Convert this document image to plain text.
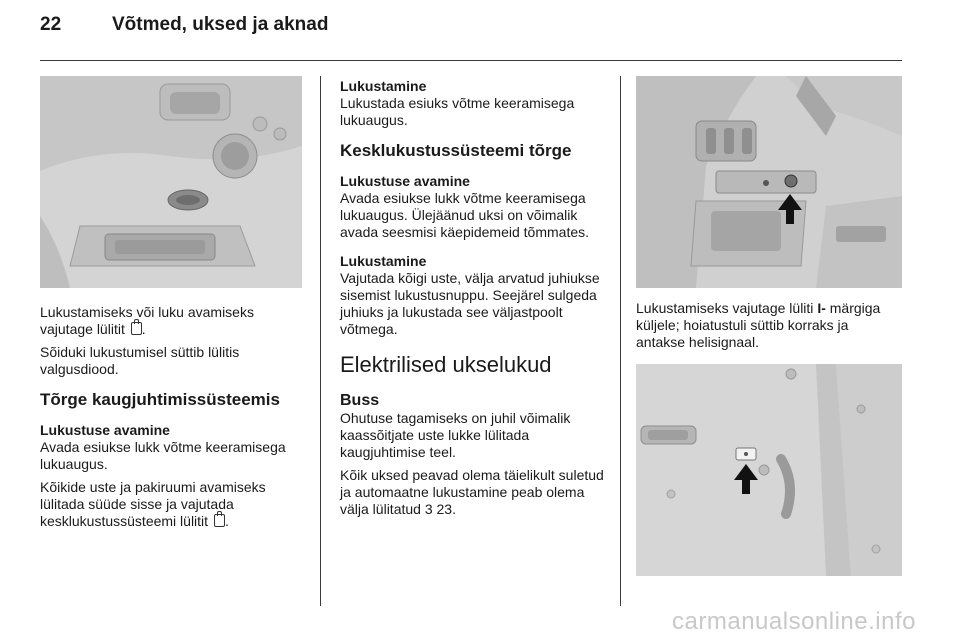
22	Võtmed, uksed ja aknad

Lukustamiseks või luku avamiseks vajutage lülitit .

Sõiduki lukustumisel süttib lülitis valgusdiood.

Tõrge kaugjuhtimissüsteemis

Lukustuse avamine

Avada esiukse lukk võtme keeramisega lukuaugus.

Kõikide uste ja pakiruumi avamiseks lülitada süüde sisse ja vajutada kesklukustussüsteemi lülitit .

Lukustamine

Lukustada esiuks võtme keeramisega lukuaugus.

Kesklukustussüsteemi tõrge

Lukustuse avamine

Avada esiukse lukk võtme keeramisega lukuaugus. Ülejäänud uksi on võimalik avada seesmisi käepidemeid tõmmates.

Lukustamine

Vajutada kõigi uste, välja arvatud juhiukse sisemist lukustusnuppu. Seejärel sulgeda juhiuks ja lukustada see väljastpoolt võtmega.

Elektrilised ukselukud
Buss

Ohutuse tagamiseks on juhil võimalik kaassõitjate uste lukke lülitada kaugjuhtimise teel.

Kõik uksed peavad olema täielikult suletud ja automaatne lukustamine peab olema välja lülitatud 3 23.

Lukustamiseks vajutage lüliti I- märgiga küljele; hoiatustuli süttib korraks ja antakse helisignaal.

carmanualsonline.info
